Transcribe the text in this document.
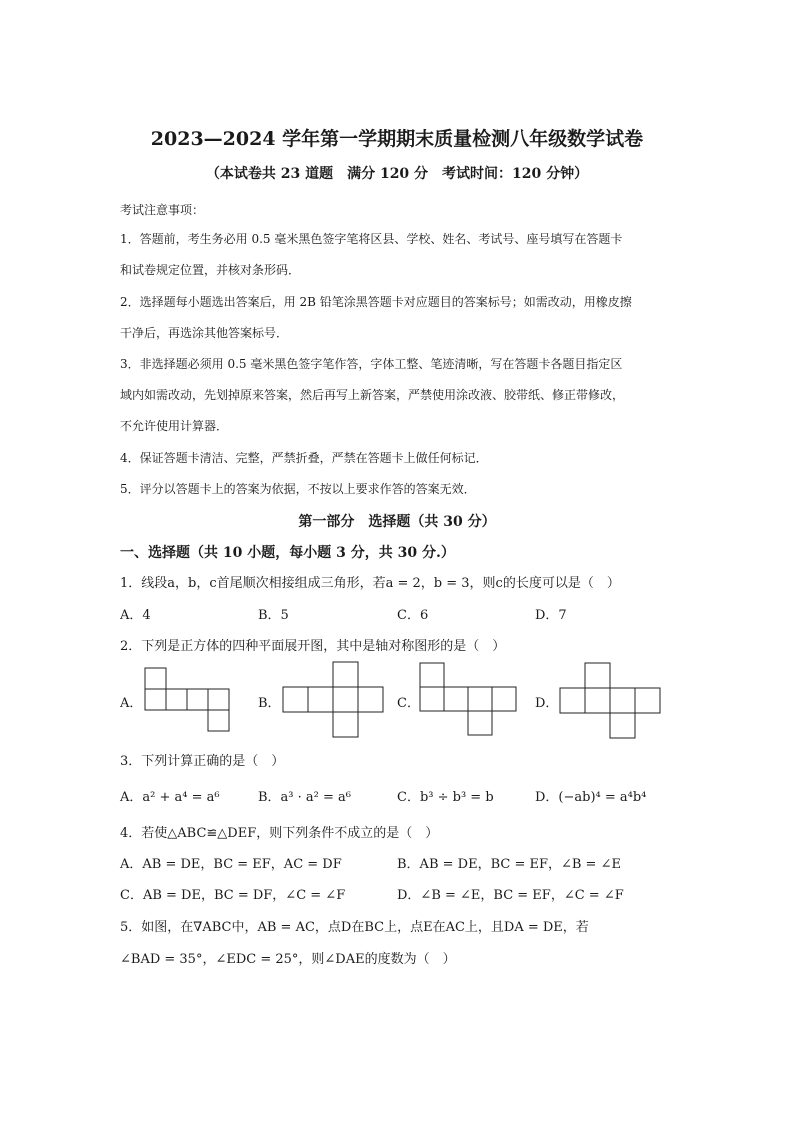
2023—2024 学年第一学期期末质量检测八年级数学试卷
（本试卷共 23 道题　满分 120 分　考试时间：120 分钟）
考试注意事项：
1．答题前，考生务必用 0.5 毫米黑色签字笔将区县、学校、姓名、考试号、座号填写在答题卡
和试卷规定位置，并核对条形码．
2．选择题每小题选出答案后，用 2B 铅笔涂黑答题卡对应题目的答案标号；如需改动，用橡皮擦
干净后，再选涂其他答案标号．
3．非选择题必须用 0.5 毫米黑色签字笔作答，字体工整、笔迹清晰，写在答题卡各题目指定区
域内如需改动，先划掉原来答案，然后再写上新答案，严禁使用涂改液、胶带纸、修正带修改，
不允许使用计算器．
4．保证答题卡清洁、完整，严禁折叠，严禁在答题卡上做任何标记．
5．评分以答题卡上的答案为依据，不按以上要求作答的答案无效．
第一部分　选择题（共 30 分）
一、选择题（共 10 小题，每小题 3 分，共 30 分.）
1．线段a，b，c首尾顺次相接组成三角形，若a = 2，b = 3，则c的长度可以是（　）
A．4	B．5	C．6	D．7
2．下列是正方体的四种平面展开图，其中是轴对称图形的是（　）
A．	B．	C．	D．
3．下列计算正确的是（　）
A．a² + a⁴ = a⁶	B．a³ · a² = a⁶	C．b³ ÷ b³ = b	D．(−ab)⁴ = a⁴b⁴
4．若使△ABC≌△DEF，则下列条件不成立的是（　）
A．AB = DE，BC = EF，AC = DF	B．AB = DE，BC = EF，∠B = ∠E
C．AB = DE，BC = DF，∠C = ∠F	D．∠B = ∠E，BC = EF，∠C = ∠F
5．如图，在∇ABC中，AB = AC，点D在BC上，点E在AC上，且DA = DE，若
∠BAD = 35°，∠EDC = 25°，则∠DAE的度数为（　）
